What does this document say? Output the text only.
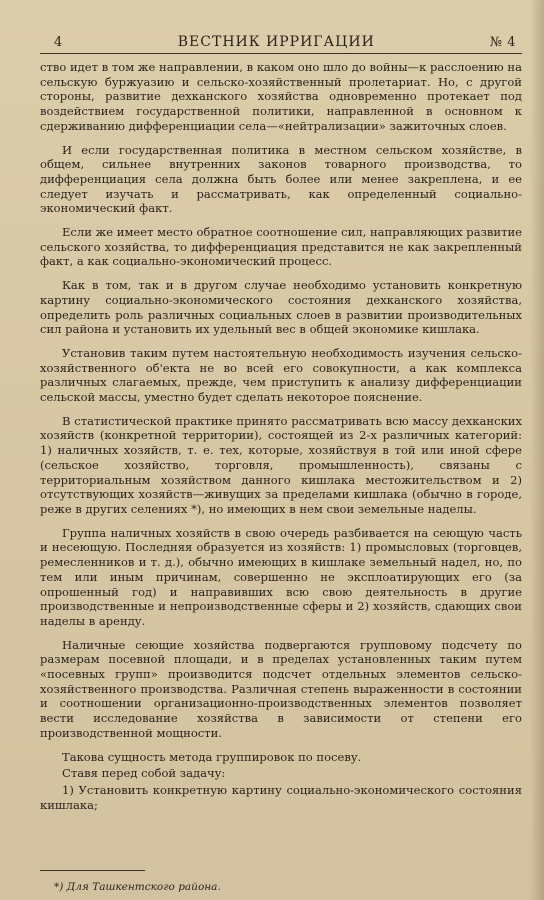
4	ВЕСТНИК ИРРИГАЦИИ	№ 4

ство идет в том же направлении, в каком оно шло до войны—к расслоению на сельскую буржуазию и сельско-хозяйственный пролетариат. Но, с другой стороны, развитие дехканского хозяйства одновременно протекает под воздействием государственной политики, направленной в основном к сдерживанию дифференциации села—«нейтрализации» зажиточных слоев.

И если государственная политика в местном сельском хозяйстве, в общем, сильнее внутренних законов товарного производства, то дифференциация села должна быть более или менее закреплена, и ее следует изучать и рассматривать, как определенный социально-экономический факт.

Если же имеет место обратное соотношение сил, направляющих развитие сельского хозяйства, то дифференциация представится не как закрепленный факт, а как социально-экономический процесс.

Как в том, так и в другом случае необходимо установить конкретную картину социально-экономического состояния дехканского хозяйства, определить роль различных социальных слоев в развитии производительных сил района и установить их удельный вес в общей экономике кишлака.

Установив таким путем настоятельную необходимость изучения сельско-хозяйственного об'екта не во всей его совокупности, а как комплекса различных слагаемых, прежде, чем приступить к анализу дифференциации сельской массы, уместно будет сделать некоторое пояснение.

В статистической практике принято рассматривать всю массу дехканских хозяйств (конкретной территории), состоящей из 2-х различных категорий: 1) наличных хозяйств, т. е. тех, которые, хозяйствуя в той или иной сфере (сельское хозяйство, торговля, промышленность), связаны с территориальным хозяйством данного кишлака местожительством и 2) отсутствующих хозяйств—живущих за пределами кишлака (обычно в городе, реже в других селениях *), но имеющих в нем свои земельные наделы.

Группа наличных хозяйств в свою очередь разбивается на сеющую часть и несеющую. Последняя образуется из хозяйств: 1) промысловых (торговцев, ремесленников и т. д.), обычно имеющих в кишлаке земельный надел, но, по тем или иным причинам, совершенно не эксплоатирующих его (за опрошенный год) и направивших всю свою деятельность в другие производственные и непроизводственные сферы и 2) хозяйств, сдающих свои наделы в аренду.

Наличные сеющие хозяйства подвергаются групповому подсчету по размерам посевной площади, и в пределах установленных таким путем «посевных групп» производится подсчет отдельных элементов сельско-хозяйственного производства. Различная степень выраженности в состоянии и соотношении организационно-производственных элементов позволяет вести исследование хозяйства в зависимости от степени его производственной мощности.

Такова сущность метода группировок по посеву.

Ставя перед собой задачу:

1) Установить конкретную картину социально-экономического состояния кишлака;

*) Для Ташкентского района.
